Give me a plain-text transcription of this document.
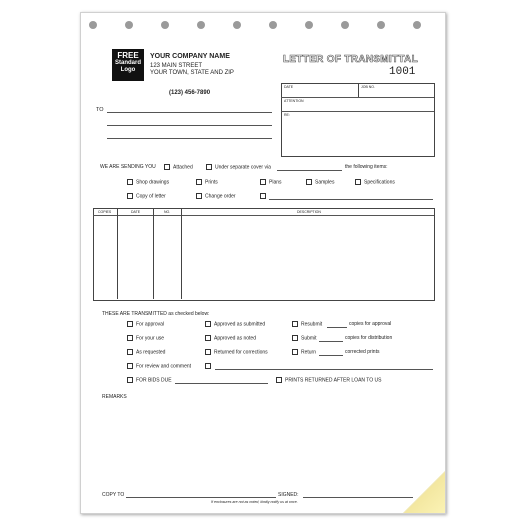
FREE
Standard
Logo
YOUR COMPANY NAME
123 MAIN STREET
YOUR TOWN, STATE AND ZIP
(123) 456-7890
LETTER OF TRANSMITTAL
1001
DATE	JOB NO.
ATTENTION
RE:
TO
WE ARE SENDING YOU	Attached	Under separate cover via	the following items:
Shop drawings	Prints	Plans	Samples	Specifications
Copy of letter	Change order
COPIES	DATE	NO.	DESCRIPTION
THESE ARE TRANSMITTED as checked below:
For approval
For your use
As requested
For review and comment
FOR BIDS DUE
Approved as submitted
Approved as noted
Returned for corrections
Resubmit	copies for approval
Submit	copies for distribution
Return	corrected prints
PRINTS RETURNED AFTER LOAN TO US
REMARKS
COPY TO	SIGNED:
If enclosures are not as noted, kindly notify us at once.
